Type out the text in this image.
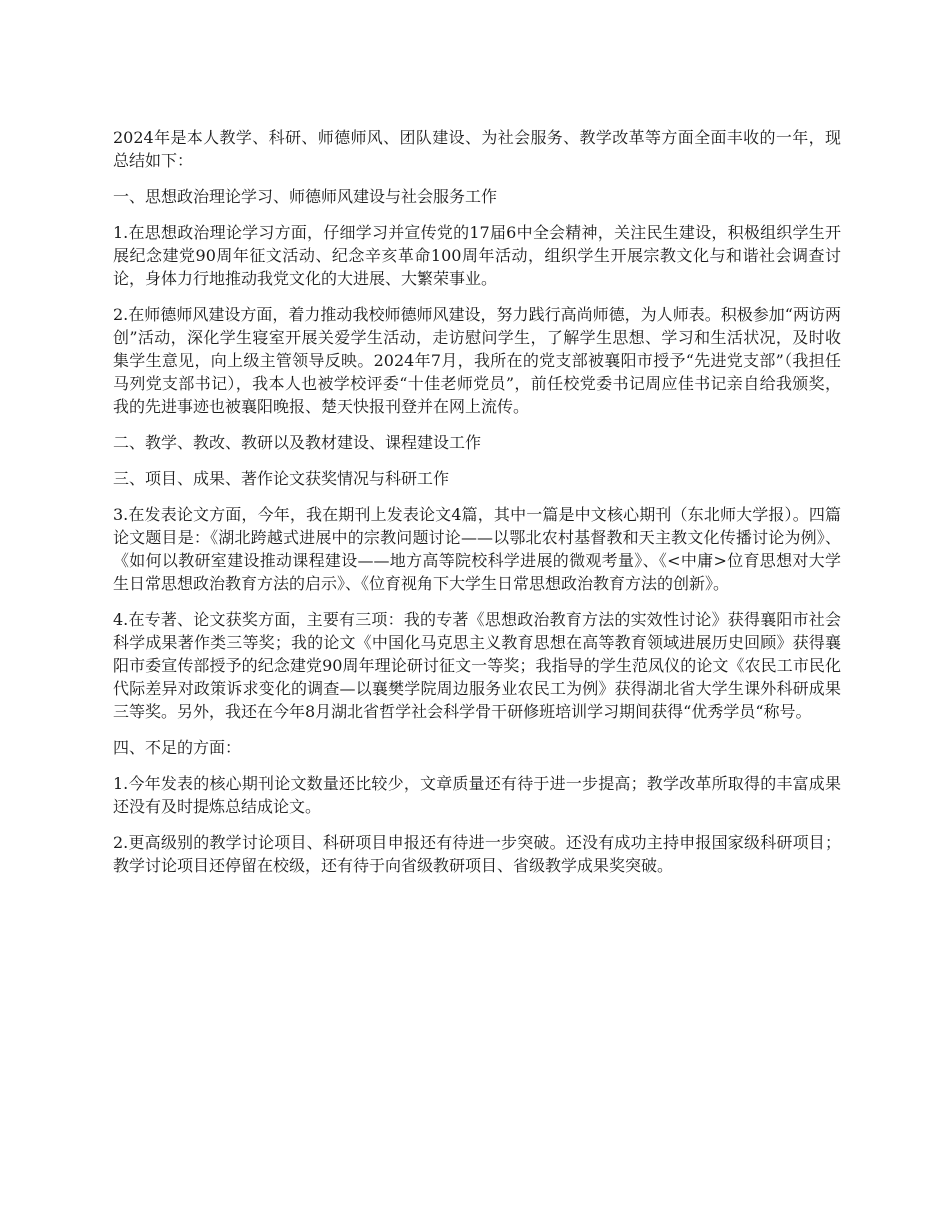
2024年是本人教学、科研、师德师风、团队建设、为社会服务、教学改革等方面全面丰收的一年，现总结如下：

一、思想政治理论学习、师德师风建设与社会服务工作

1.在思想政治理论学习方面，仔细学习并宣传党的17届6中全会精神，关注民生建设，积极组织学生开展纪念建党90周年征文活动、纪念辛亥革命100周年活动，组织学生开展宗教文化与和谐社会调查讨论，身体力行地推动我党文化的大进展、大繁荣事业。

2.在师德师风建设方面，着力推动我校师德师风建设，努力践行高尚师德，为人师表。积极参加“两访两创”活动，深化学生寝室开展关爱学生活动，走访慰问学生，了解学生思想、学习和生活状况，及时收集学生意见，向上级主管领导反映。2024年7月，我所在的党支部被襄阳市授予“先进党支部”（我担任马列党支部书记），我本人也被学校评委“十佳老师党员”，前任校党委书记周应佳书记亲自给我颁奖，我的先进事迹也被襄阳晚报、楚天快报刊登并在网上流传。

二、教学、教改、教研以及教材建设、课程建设工作

三、项目、成果、著作论文获奖情况与科研工作

3.在发表论文方面，今年，我在期刊上发表论文4篇，其中一篇是中文核心期刊（东北师大学报）。四篇论文题目是：《湖北跨越式进展中的宗教问题讨论——以鄂北农村基督教和天主教文化传播讨论为例》、《如何以教研室建设推动课程建设——地方高等院校科学进展的微观考量》、《<中庸>位育思想对大学生日常思想政治教育方法的启示》、《位育视角下大学生日常思想政治教育方法的创新》。

4.在专著、论文获奖方面，主要有三项：我的专著《思想政治教育方法的实效性讨论》获得襄阳市社会科学成果著作类三等奖；我的论文《中国化马克思主义教育思想在高等教育领域进展历史回顾》获得襄阳市委宣传部授予的纪念建党90周年理论研讨征文一等奖；我指导的学生范凤仪的论文《农民工市民化代际差异对政策诉求变化的调查—以襄樊学院周边服务业农民工为例》获得湖北省大学生课外科研成果三等奖。另外，我还在今年8月湖北省哲学社会科学骨干研修班培训学习期间获得“优秀学员“称号。

四、不足的方面：

1.今年发表的核心期刊论文数量还比较少，文章质量还有待于进一步提高；教学改革所取得的丰富成果还没有及时提炼总结成论文。

2.更高级别的教学讨论项目、科研项目申报还有待进一步突破。还没有成功主持申报国家级科研项目；教学讨论项目还停留在校级，还有待于向省级教研项目、省级教学成果奖突破。
